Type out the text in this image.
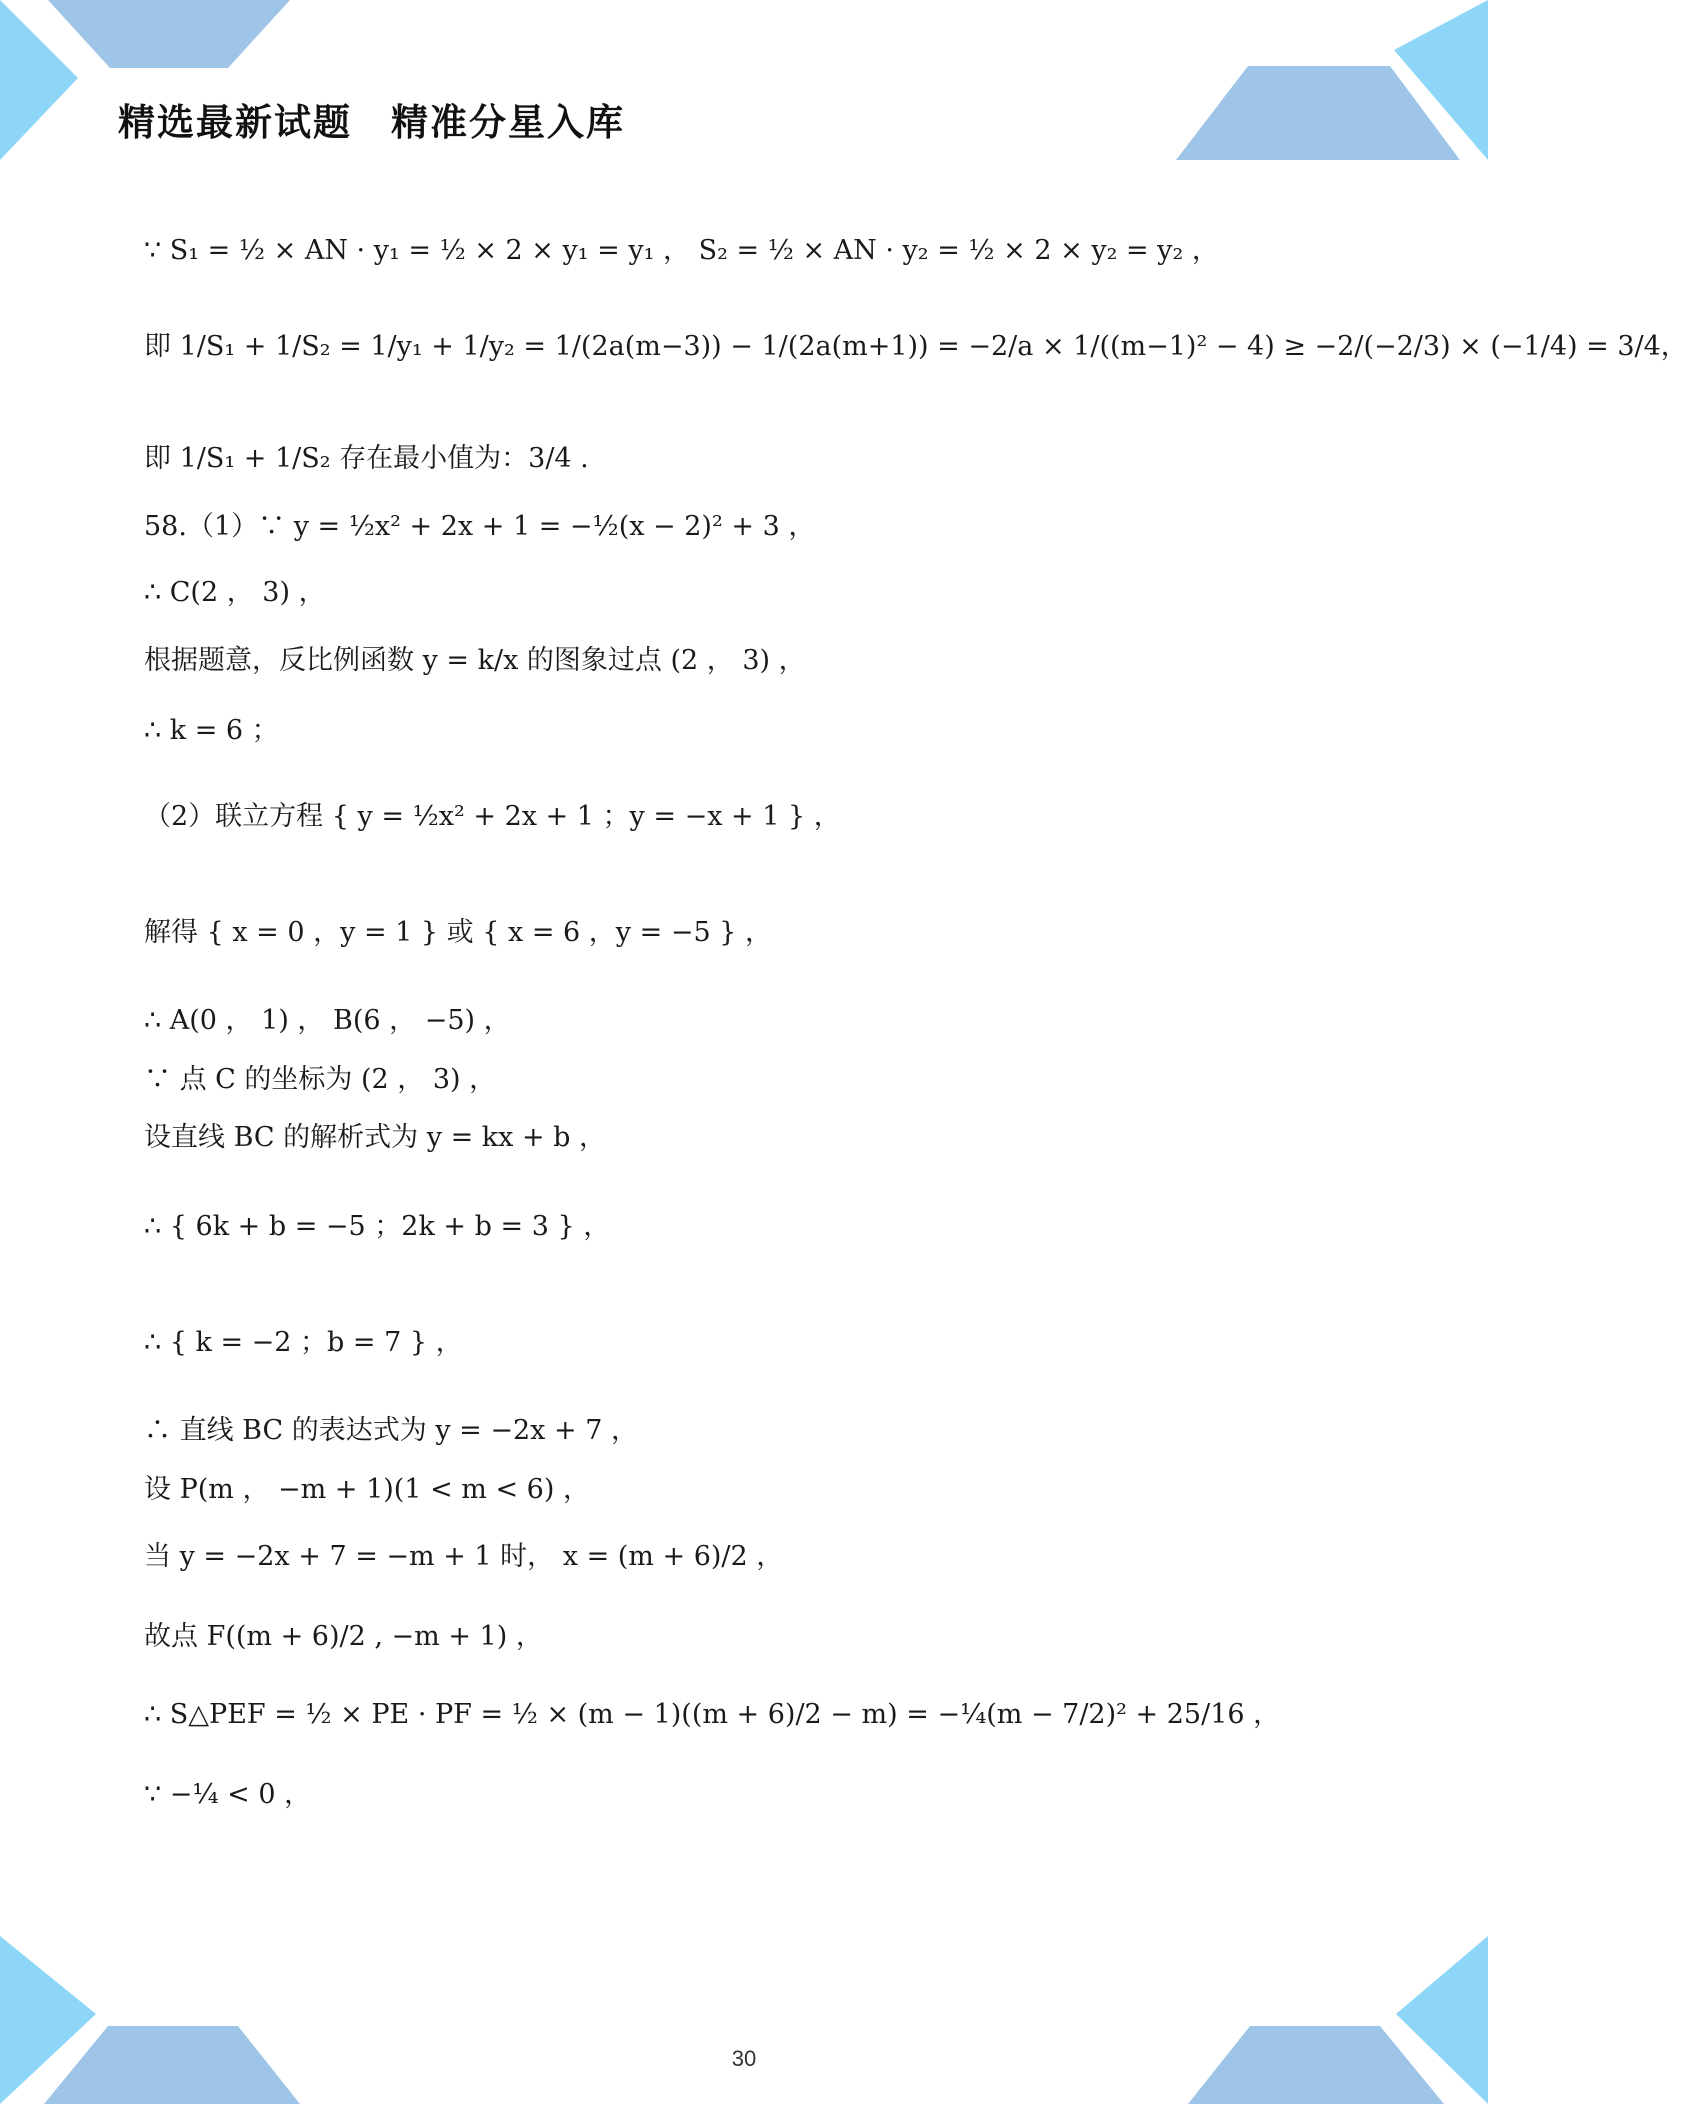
精选最新试题　精准分星入库
∵ S₁ = ½ × AN · y₁ = ½ × 2 × y₁ = y₁ ， S₂ = ½ × AN · y₂ = ½ × 2 × y₂ = y₂ ，
即 1/S₁ + 1/S₂ = 1/y₁ + 1/y₂ = 1/(2a(m−3)) − 1/(2a(m+1)) = −2/a × 1/((m−1)² − 4) ≥ −2/(−2/3) × (−1/4) = 3/4，
即 1/S₁ + 1/S₂ 存在最小值为：3/4 .
58.（1）∵ y = ½x² + 2x + 1 = −½(x − 2)² + 3 ，
∴ C(2 ， 3) ，
根据题意，反比例函数 y = k/x 的图象过点 (2 ， 3) ，
∴ k = 6 ；
（2）联立方程 { y = ½x² + 2x + 1 ；y = −x + 1 } ，
解得 { x = 0 ，y = 1 } 或 { x = 6 ，y = −5 } ，
∴ A(0 ， 1) ， B(6 ， −5) ，
∵ 点 C 的坐标为 (2 ， 3) ，
设直线 BC 的解析式为 y = kx + b ，
∴ { 6k + b = −5 ；2k + b = 3 } ，
∴ { k = −2 ；b = 7 } ，
∴ 直线 BC 的表达式为 y = −2x + 7 ，
设 P(m ， −m + 1)(1 < m < 6) ，
当 y = −2x + 7 = −m + 1 时， x = (m + 6)/2 ，
故点 F((m + 6)/2 , −m + 1) ，
∴ S△PEF = ½ × PE · PF = ½ × (m − 1)((m + 6)/2 − m) = −¼(m − 7/2)² + 25/16 ，
∵ −¼ < 0 ，
30
